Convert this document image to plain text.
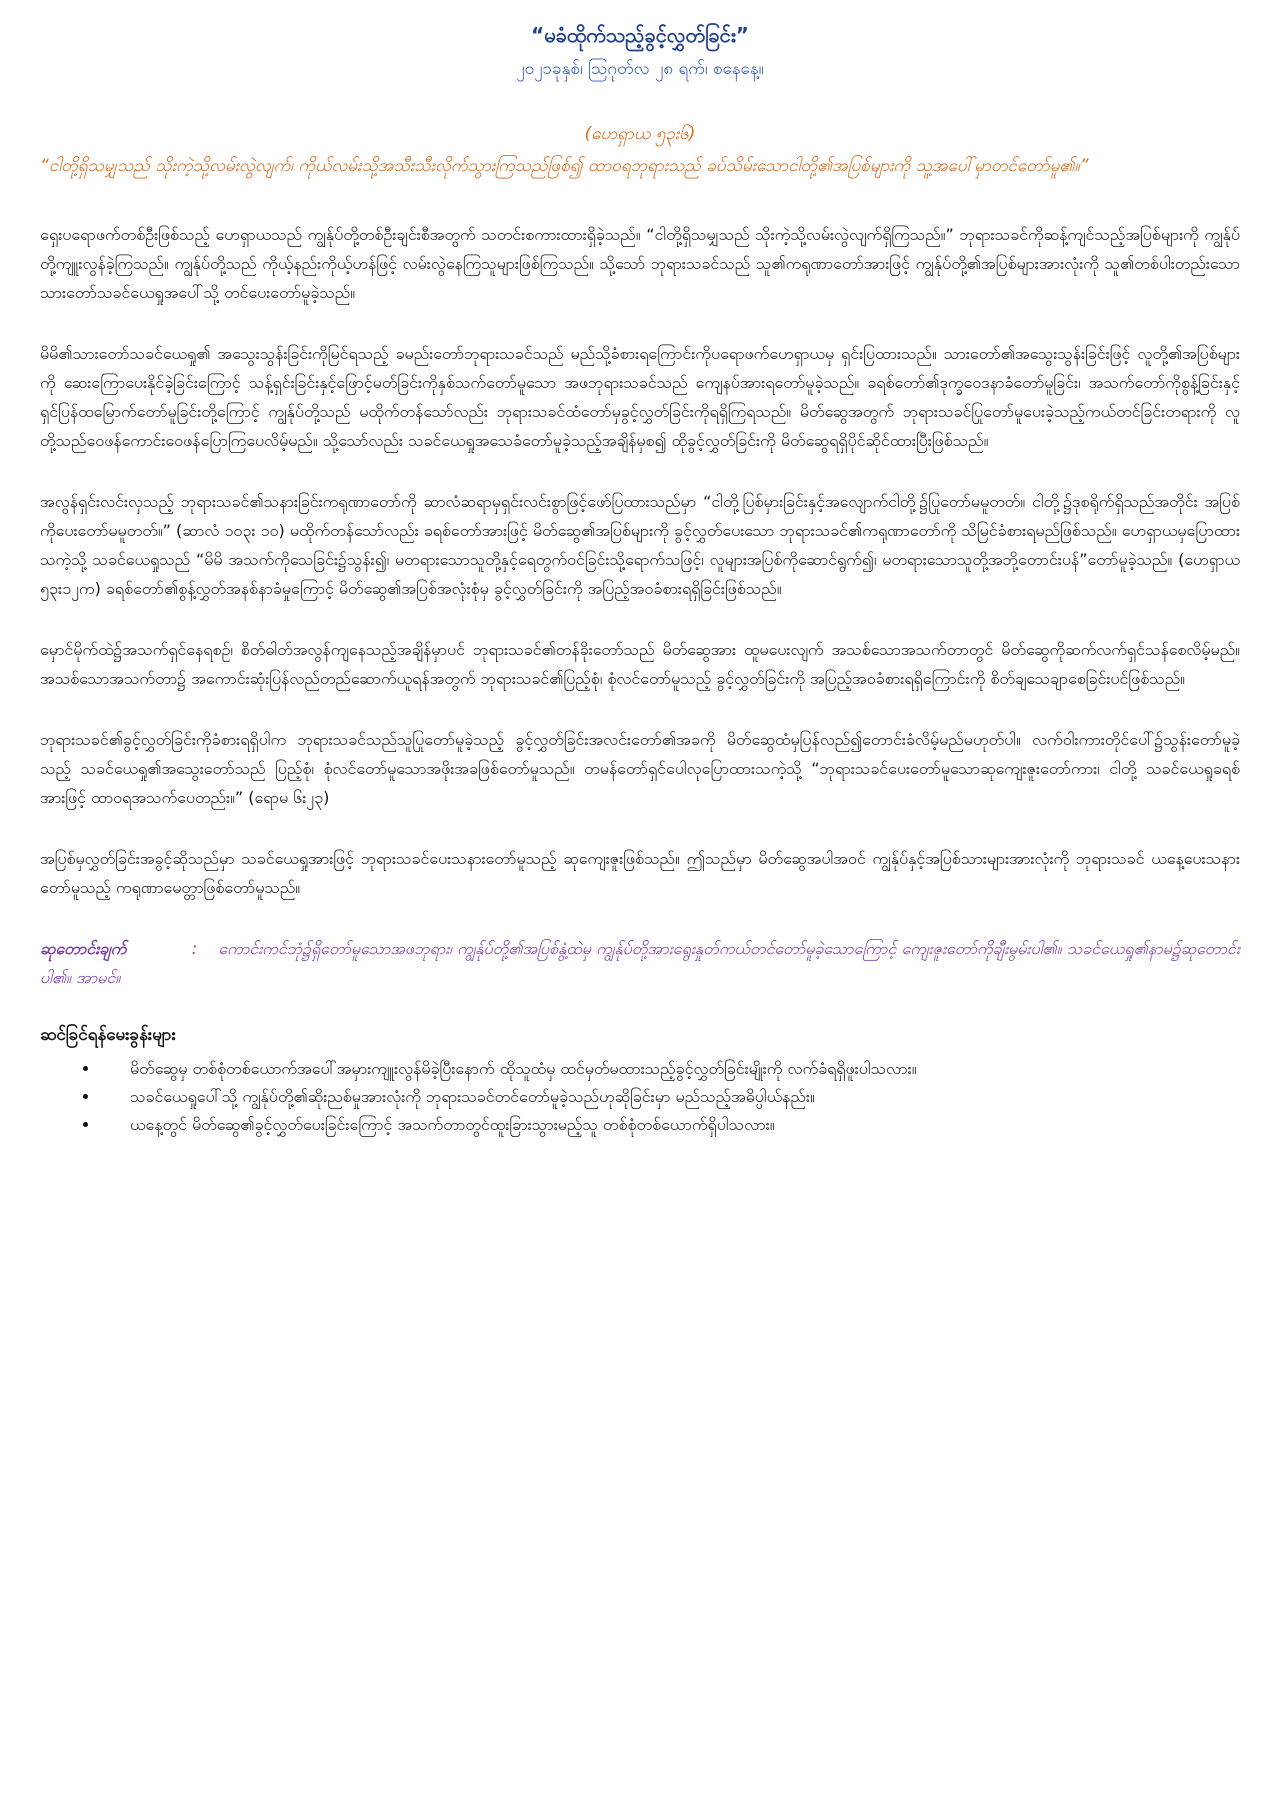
“မခံထိုက်သည့်ခွင့်လွှတ်ခြင်း”
၂၀၂၁ခုနှစ်၊ ဩဂုတ်လ ၂၈ ရက်၊ စနေနေ့။
(ဟေရှာယ ၅၃း၆)
“ငါတို့ရှိသမျှသည် သိုးကဲ့သို့လမ်းလွဲလျက်၊ ကိုယ်လမ်းသို့အသီးသီးလိုက်သွားကြသည်ဖြစ်၍ ထာဝရဘုရားသည် ခပ်သိမ်းသောငါတို့၏အပြစ်များကို သူ့အပေါ်မှာတင်တော်မူ၏။”

ရှေးပရောဖက်တစ်ဦးဖြစ်သည့် ဟေရှာယသည် ကျွန်ုပ်တို့တစ်ဦးချင်းစီအတွက် သတင်းစကားထားရှိခဲ့သည်။ “ငါတို့ရှိသမျှသည် သိုးကဲ့သို့လမ်းလွဲလျက်ရှိကြသည်။” ဘုရားသခင်ကိုဆန့်ကျင်သည့်အပြစ်များကို ကျွန်ုပ်တို့ကျူးလွန်ခဲ့ကြသည်။ ကျွန်ုပ်တို့သည် ကိုယ့်နည်းကိုယ့်ဟန်ဖြင့် လမ်းလွဲနေကြသူများဖြစ်ကြသည်။ သို့သော် ဘုရားသခင်သည် သူ၏ကရုဏာတော်အားဖြင့် ကျွန်ုပ်တို့၏အပြစ်များအားလုံးကို သူ၏တစ်ပါးတည်းသောသားတော်သခင်ယေရှုအပေါ်သို့ တင်ပေးတော်မူခဲ့သည်။

မိမိ၏သားတော်သခင်ယေရှု၏ အသွေးသွန်းခြင်းကိုမြင်ရသည့် ခမည်းတော်ဘုရားသခင်သည် မည်သို့ခံစားရကြောင်းကိုပရောဖက်ဟေရှာယမှ ရှင်းပြထားသည်။ သားတော်၏အသွေးသွန်းခြင်းဖြင့် လူတို့၏အပြစ်များကို ဆေးကြောပေးနိုင်ခဲ့ခြင်းကြောင့် သန့်ရှင်းခြင်းနှင့်ဖြောင့်မတ်ခြင်းကိုနှစ်သက်တော်မူသော အဖဘုရားသခင်သည် ကျေနပ်အားရတော်မူခဲ့သည်။ ခရစ်တော်၏ဒုက္ခဝေဒနာခံတော်မူခြင်း၊ အသက်တော်ကိုစွန့်ခြင်းနှင့်ရှင်ပြန်ထမြောက်တော်မူခြင်းတို့ကြောင့် ကျွန်ုပ်တို့သည် မထိုက်တန်သော်လည်း ဘုရားသခင်ထံတော်မှခွင့်လွှတ်ခြင်းကိုရရှိကြရသည်။ မိတ်ဆွေအတွက် ဘုရားသခင်ပြုတော်မူပေးခဲ့သည့်ကယ်တင်ခြင်းတရားကို လူတို့သည်ဝေဖန်ကောင်းဝေဖန်ပြောကြပေလိမ့်မည်။ သို့သော်လည်း သခင်ယေရှုအသေခံတော်မူခဲ့သည့်အချိန်မှစ၍ ထိုခွင့်လွှတ်ခြင်းကို မိတ်ဆွေရရှိပိုင်ဆိုင်ထားပြီးဖြစ်သည်။

အလွန်ရှင်းလင်းလှသည့် ဘုရားသခင်၏သနားခြင်းကရုဏာတော်ကို ဆာလံဆရာမှရှင်းလင်းစွာဖြင့်ဖော်ပြထားသည်မှာ “ငါတို့ပြစ်မှားခြင်းနှင့်အလျောက်ငါတို့၌ပြုတော်မမူတတ်။ ငါတို့၌ဒုစရိုက်ရှိသည်အတိုင်း အပြစ်ကိုပေးတော်မမူတတ်။” (ဆာလံ ၁၀၃း ၁၀) မထိုက်တန်သော်လည်း ခရစ်တော်အားဖြင့် မိတ်ဆွေ၏အပြစ်များကို ခွင့်လွှတ်ပေးသော ဘုရားသခင်၏ကရုဏာတော်ကို သိမြင်ခံစားရမည်ဖြစ်သည်။ ဟေရှာယမှပြောထားသကဲ့သို့ သခင်ယေရှုသည် “မိမိ အသက်ကိုသေခြင်း၌သွန်း၍၊ မတရားသောသူတို့နှင့်ရေတွက်ဝင်ခြင်းသို့ရောက်သဖြင့်၊ လူများအပြစ်ကိုဆောင်ရွက်၍၊ မတရားသောသူတို့အဘို့တောင်းပန်”တော်မူခဲ့သည်။ (ဟေရှာယ ၅၃း၁၂က) ခရစ်တော်၏စွန့်လွှတ်အနစ်နာခံမှုကြောင့် မိတ်ဆွေ၏အပြစ်အလုံးစုံမှ ခွင့်လွှတ်ခြင်းကို အပြည့်အဝခံစားရရှိခြင်းဖြစ်သည်။

မှောင်မိုက်ထဲ၌အသက်ရှင်နေရစဉ်၊ စိတ်ဓါတ်အလွန်ကျနေသည့်အချိန်မှာပင် ဘုရားသခင်၏တန်ခိုးတော်သည် မိတ်ဆွေအား ထူမပေးလျက် အသစ်သောအသက်တာတွင် မိတ်ဆွေကိုဆက်လက်ရှင်သန်စေလိမ့်မည်။ အသစ်သောအသက်တာ၌ အကောင်းဆုံးပြန်လည်တည်ဆောက်ယူရန်အတွက် ဘုရားသခင်၏ပြည့်စုံ၊ စုံလင်တော်မူသည့် ခွင့်လွှတ်ခြင်းကို အပြည့်အဝခံစားရရှိကြောင်းကို စိတ်ချသေချာစေခြင်းပင်ဖြစ်သည်။

ဘုရားသခင်၏ခွင့်လွှတ်ခြင်းကိုခံစားရရှိပါက ဘုရားသခင်သည်သူပြုတော်မူခဲ့သည့် ခွင့်လွှတ်ခြင်းအလင်းတော်၏အခကို မိတ်ဆွေထံမှပြန်လည်၍တောင်းခံလိမ့်မည်မဟုတ်ပါ။ လက်ဝါးကားတိုင်ပေါ်၌သွန်းတော်မူခဲ့သည့် သခင်ယေရှု၏အသွေးတော်သည် ပြည့်စုံ၊ စုံလင်တော်မူသောအဖိုးအခဖြစ်တော်မူသည်။ တမန်တော်ရှင်ပေါလုပြောထားသကဲ့သို့ “ဘုရားသခင်ပေးတော်မူသောဆုကျေးဇူးတော်ကား၊ ငါတို့ သခင်ယေရှုခရစ်အားဖြင့် ထာဝရအသက်ပေတည်း။” (ရောမ ၆း၂၃)

အပြစ်မှလွှတ်ခြင်းအခွင့်ဆိုသည်မှာ သခင်ယေရှုအားဖြင့် ဘုရားသခင်ပေးသနားတော်မူသည့် ဆုကျေးဇူးဖြစ်သည်။ ဤသည်မှာ မိတ်ဆွေအပါအဝင် ကျွန်ုပ်နှင့်အပြစ်သားများအားလုံးကို ဘုရားသခင် ယနေ့ပေးသနားတော်မူသည့် ကရုဏာမေတ္တာဖြစ်တော်မူသည်။

ဆုတောင်းချက်	: ကောင်းကင်ဘုံ၌ရှိတော်မူသောအဖဘုရား၊ ကျွန်ုပ်တို့၏အပြစ်နွံ့ထဲမှ ကျွန်ုပ်တို့အားရွေးနှုတ်ကယ်တင်တော်မူခဲ့သောကြောင့် ကျေးဇူးတော်ကိုချီးမွမ်းပါ၏။ သခင်ယေရှု၏နာမ၌ဆုတောင်းပါ၏။ အာမင်။

ဆင်ခြင်ရန်မေးခွန်းများ
• မိတ်ဆွေမှ တစ်စုံတစ်ယောက်အပေါ်အမှားကျူးလွန်မိခဲ့ပြီးနောက် ထိုသူထံမှ ထင်မှတ်မထားသည့်ခွင့်လွှတ်ခြင်းမျိုးကို လက်ခံရရှိဖူးပါသလား။
• သခင်ယေရှုပေါ်သို့ ကျွန်ုပ်တို့၏ဆိုးညစ်မှုအားလုံးကို ဘုရားသခင်တင်တော်မူခဲ့သည်ဟုဆိုခြင်းမှာ မည်သည့်အဓိပ္ပါယ်နည်း။
• ယနေ့တွင် မိတ်ဆွေ၏ခွင့်လွှတ်ပေးခြင်းကြောင့် အသက်တာတွင်ထူးခြားသွားမည့်သူ တစ်စုံတစ်ယောက်ရှိပါသလား။
